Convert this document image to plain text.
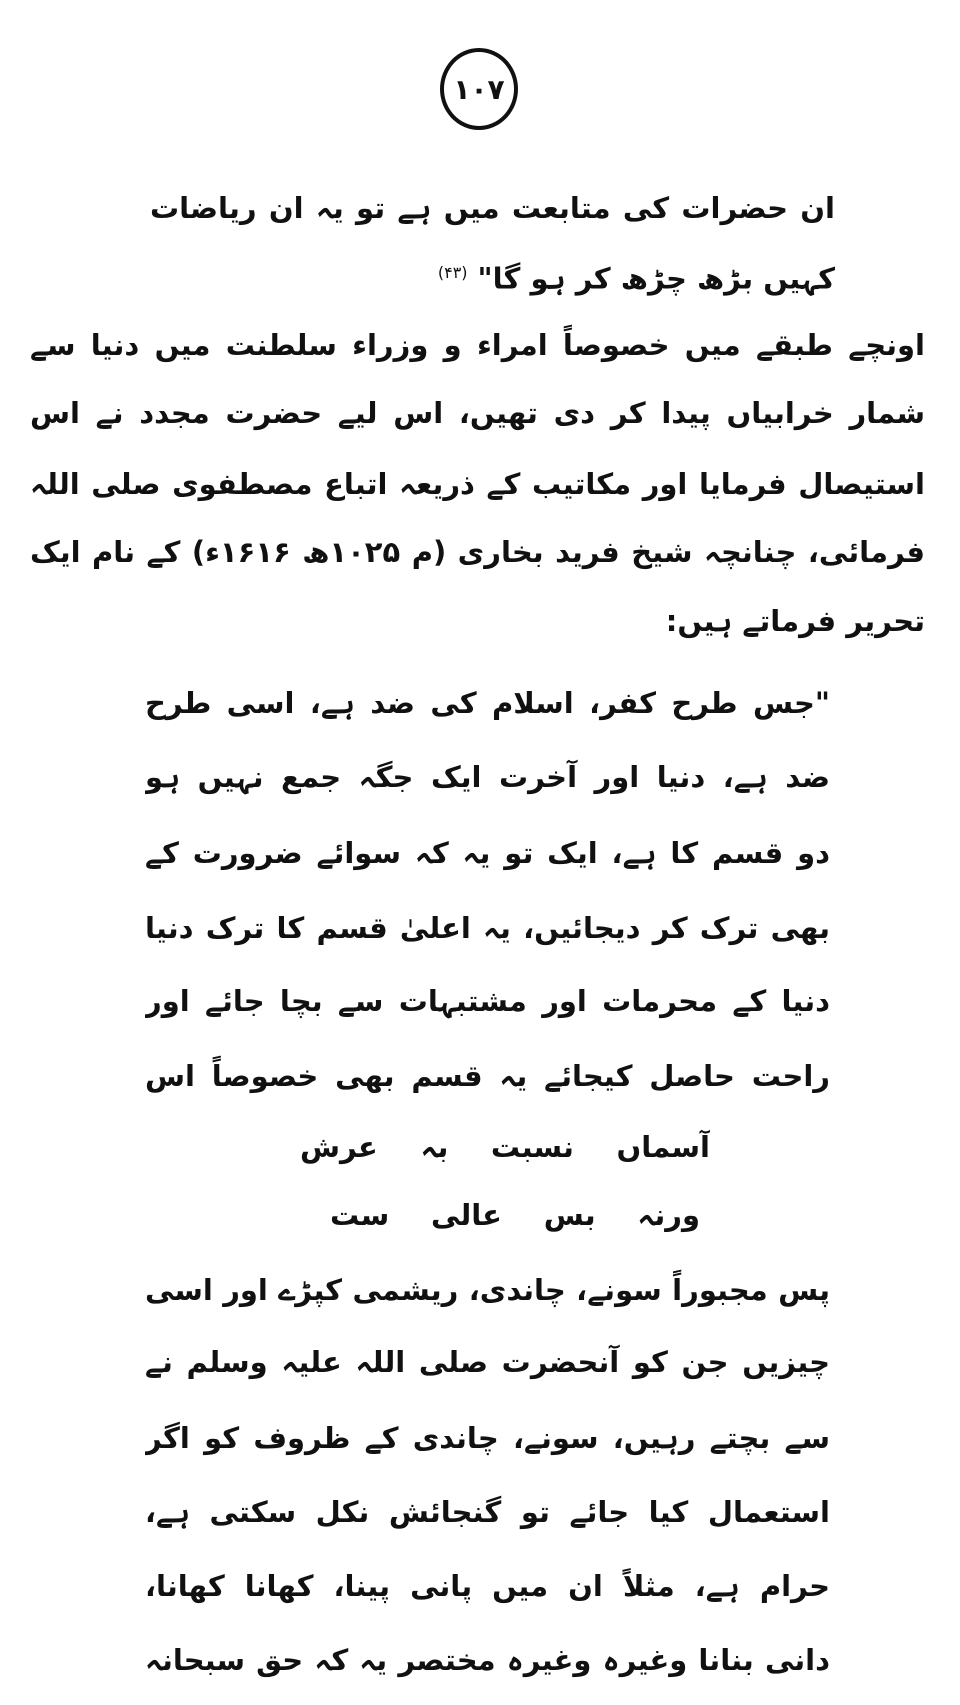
۱۰۷
ان حضرات کی متابعت میں ہے تو یہ ان ریاضات
کہیں بڑھ چڑھ کر ہو گا"$^{(۴۳)}$
اونچے طبقے میں خصوصاً امراء و وزراء سلطنت میں دنیا سے
شمار خرابیاں پیدا کر دی تھیں، اس لیے حضرت مجدد نے اس
استیصال فرمایا اور مکاتیب کے ذریعہ اتباع مصطفوی صلی اللہ
فرمائی، چنانچہ شیخ فرید بخاری (م ۱۰۲۵ھ ۱۶۱۶ء) کے نام ایک
تحریر فرماتے ہیں:
"جس طرح کفر، اسلام کی ضد ہے، اسی طرح
ضد ہے، دنیا اور آخرت ایک جگہ جمع نہیں ہو
دو قسم کا ہے، ایک تو یہ کہ سوائے ضرورت کے
بھی ترک کر دیجائیں، یہ اعلیٰ قسم کا ترک دنیا
دنیا کے محرمات اور مشتبہات سے بچا جائے اور
راحت حاصل کیجائے یہ قسم بھی خصوصاً اس
آسماں نسبت بہ عرش
ورنہ بس عالی ست
پس مجبوراً سونے، چاندی، ریشمی کپڑے اور اسی
چیزیں جن کو آنحضرت صلی اللہ علیہ وسلم نے
سے بچتے رہیں، سونے، چاندی کے ظروف کو اگر
استعمال کیا جائے تو گنجائش نکل سکتی ہے،
حرام ہے، مثلاً ان میں پانی پینا، کھانا کھانا،
دانی بنانا وغیرہ وغیرہ مختصر یہ کہ حق سبحانہ
